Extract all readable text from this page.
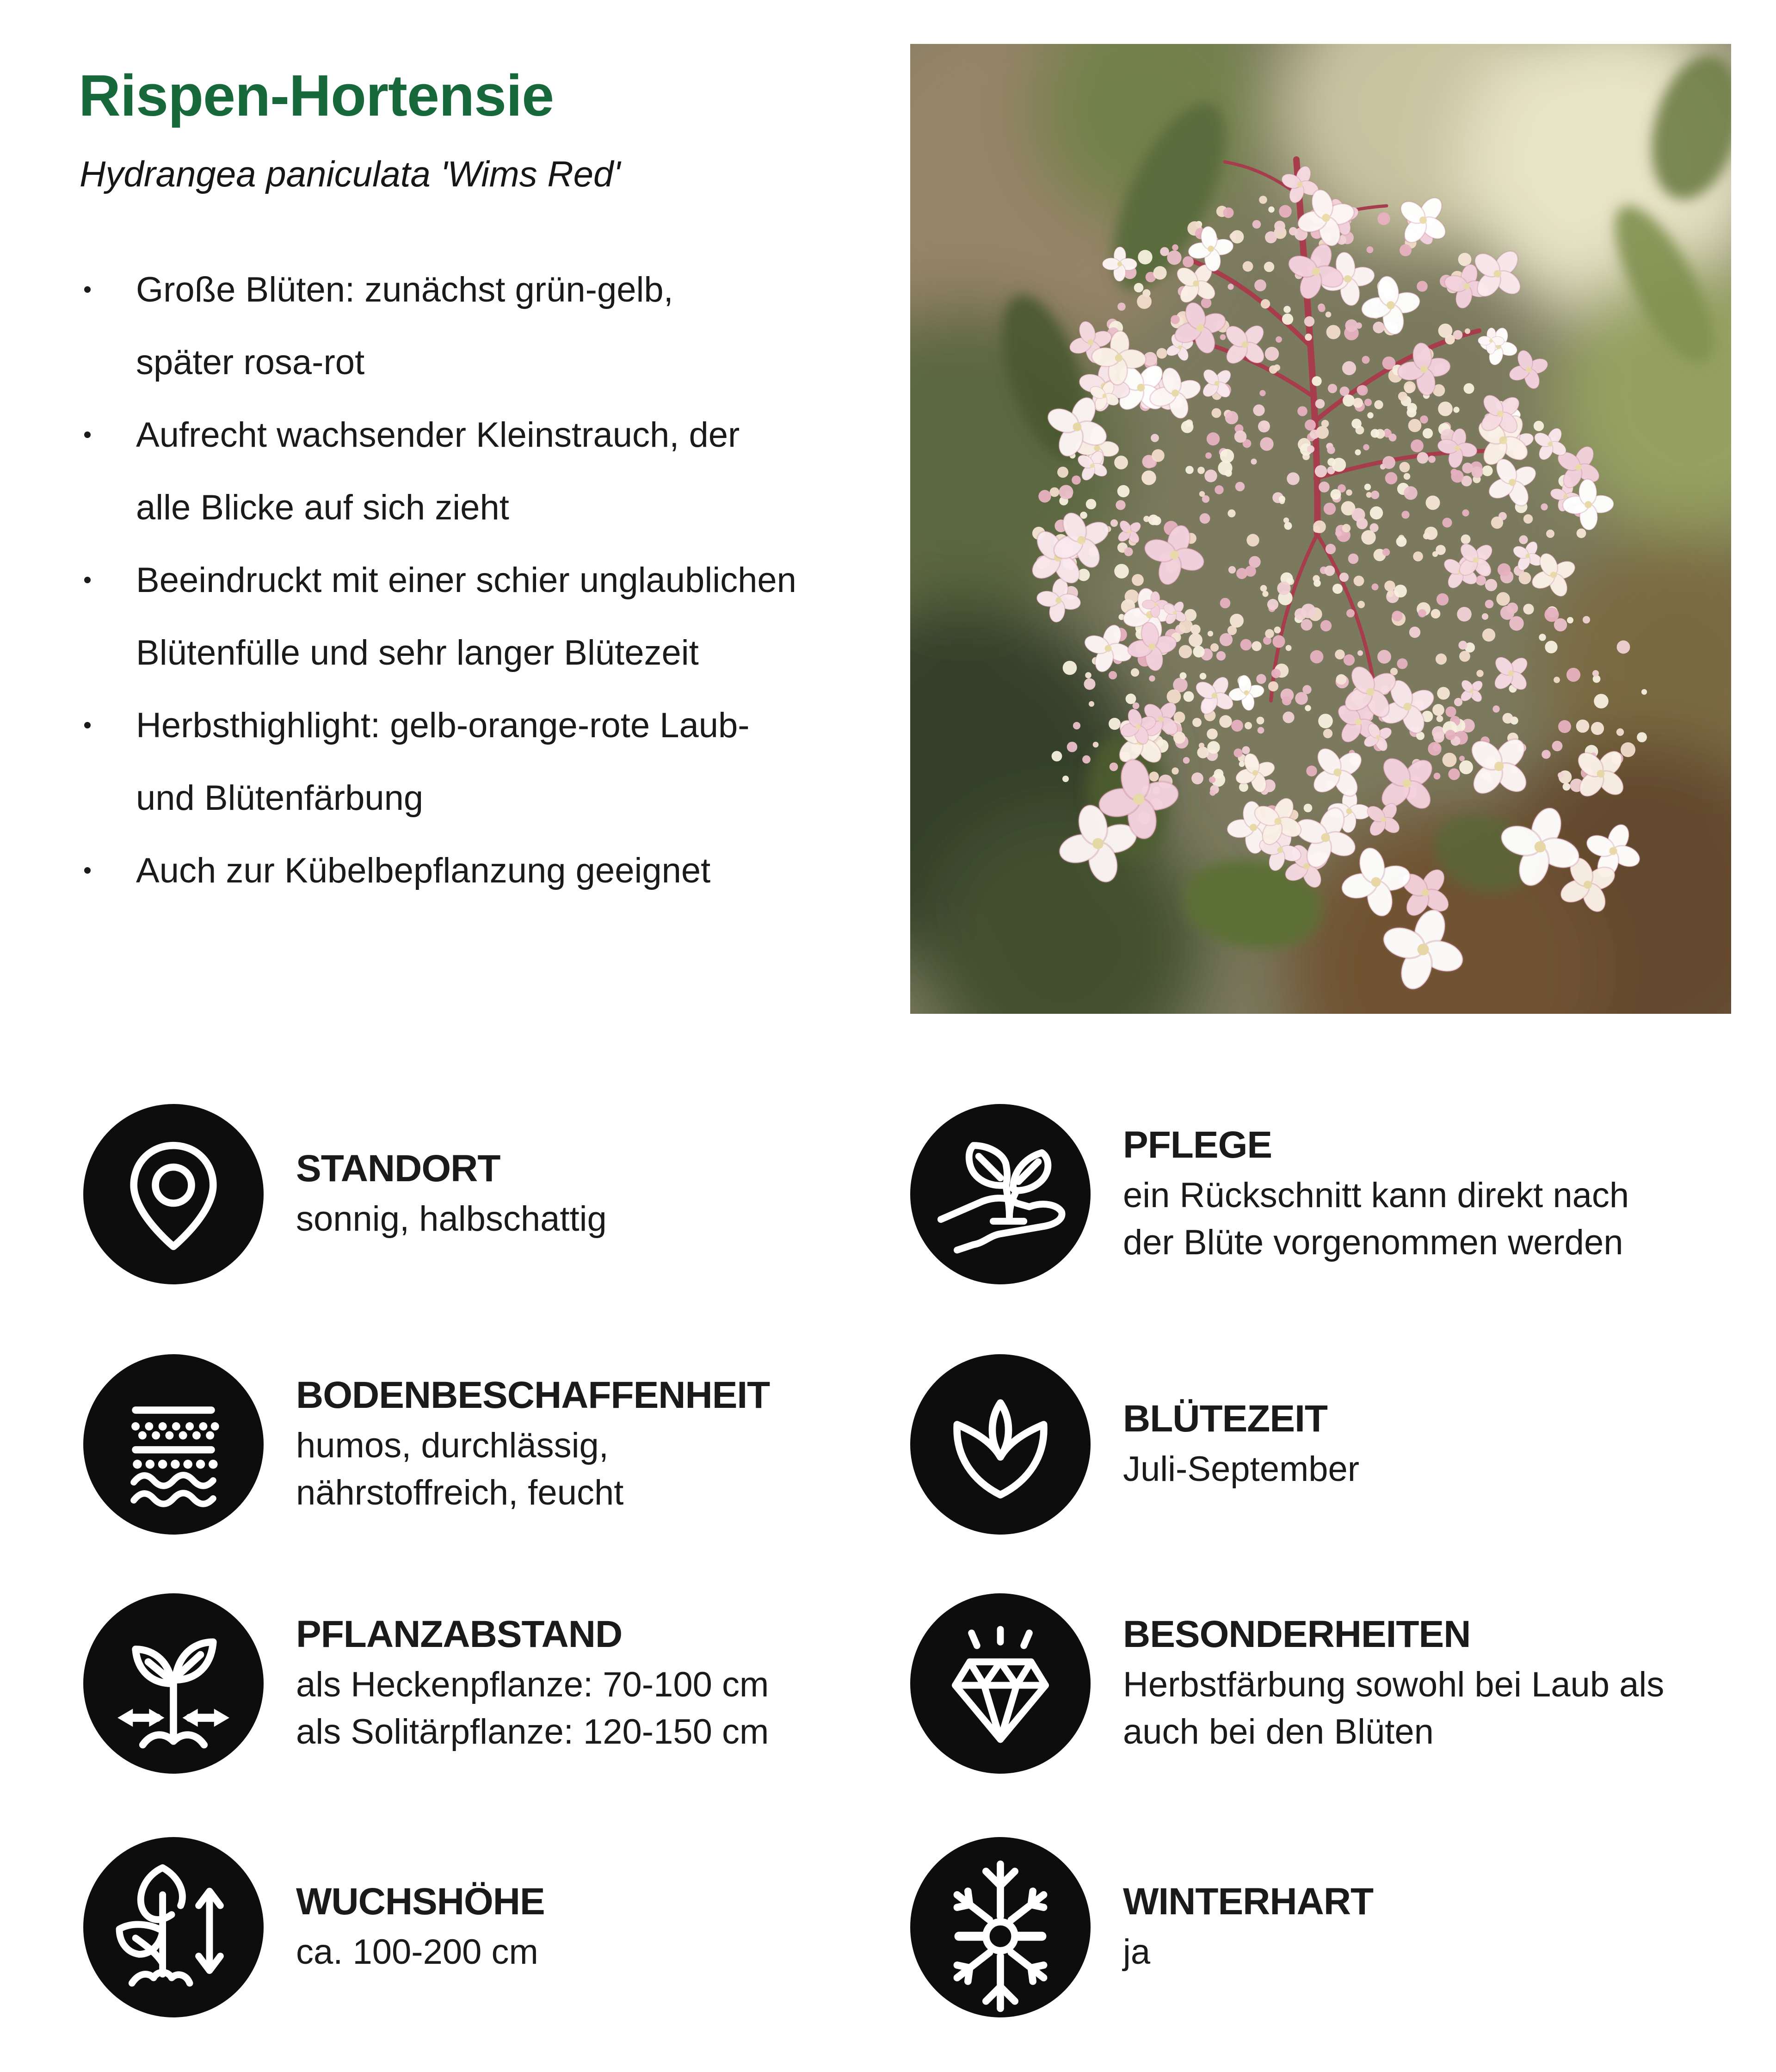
Rispen-Hortensie
Hydrangea paniculata 'Wims Red'
Große Blüten: zunächst grün-gelb,
später rosa-rot
Aufrecht wachsender Kleinstrauch, der
alle Blicke auf sich zieht
Beeindruckt mit einer schier unglaublichen
Blütenfülle und sehr langer Blütezeit
Herbsthighlight: gelb-orange-rote Laub-
und Blütenfärbung
Auch zur Kübelbepflanzung geeignet
STANDORT
sonnig, halbschattig
PFLEGE
ein Rückschnitt kann direkt nach
der Blüte vorgenommen werden
BODENBESCHAFFENHEIT
humos, durchlässig,
nährstoffreich, feucht
BLÜTEZEIT
Juli-September
PFLANZABSTAND
als Heckenpflanze: 70-100 cm
als Solitärpflanze: 120-150 cm
BESONDERHEITEN
Herbstfärbung sowohl bei Laub als
auch bei den Blüten
WUCHSHÖHE
ca. 100-200 cm
WINTERHART
ja
